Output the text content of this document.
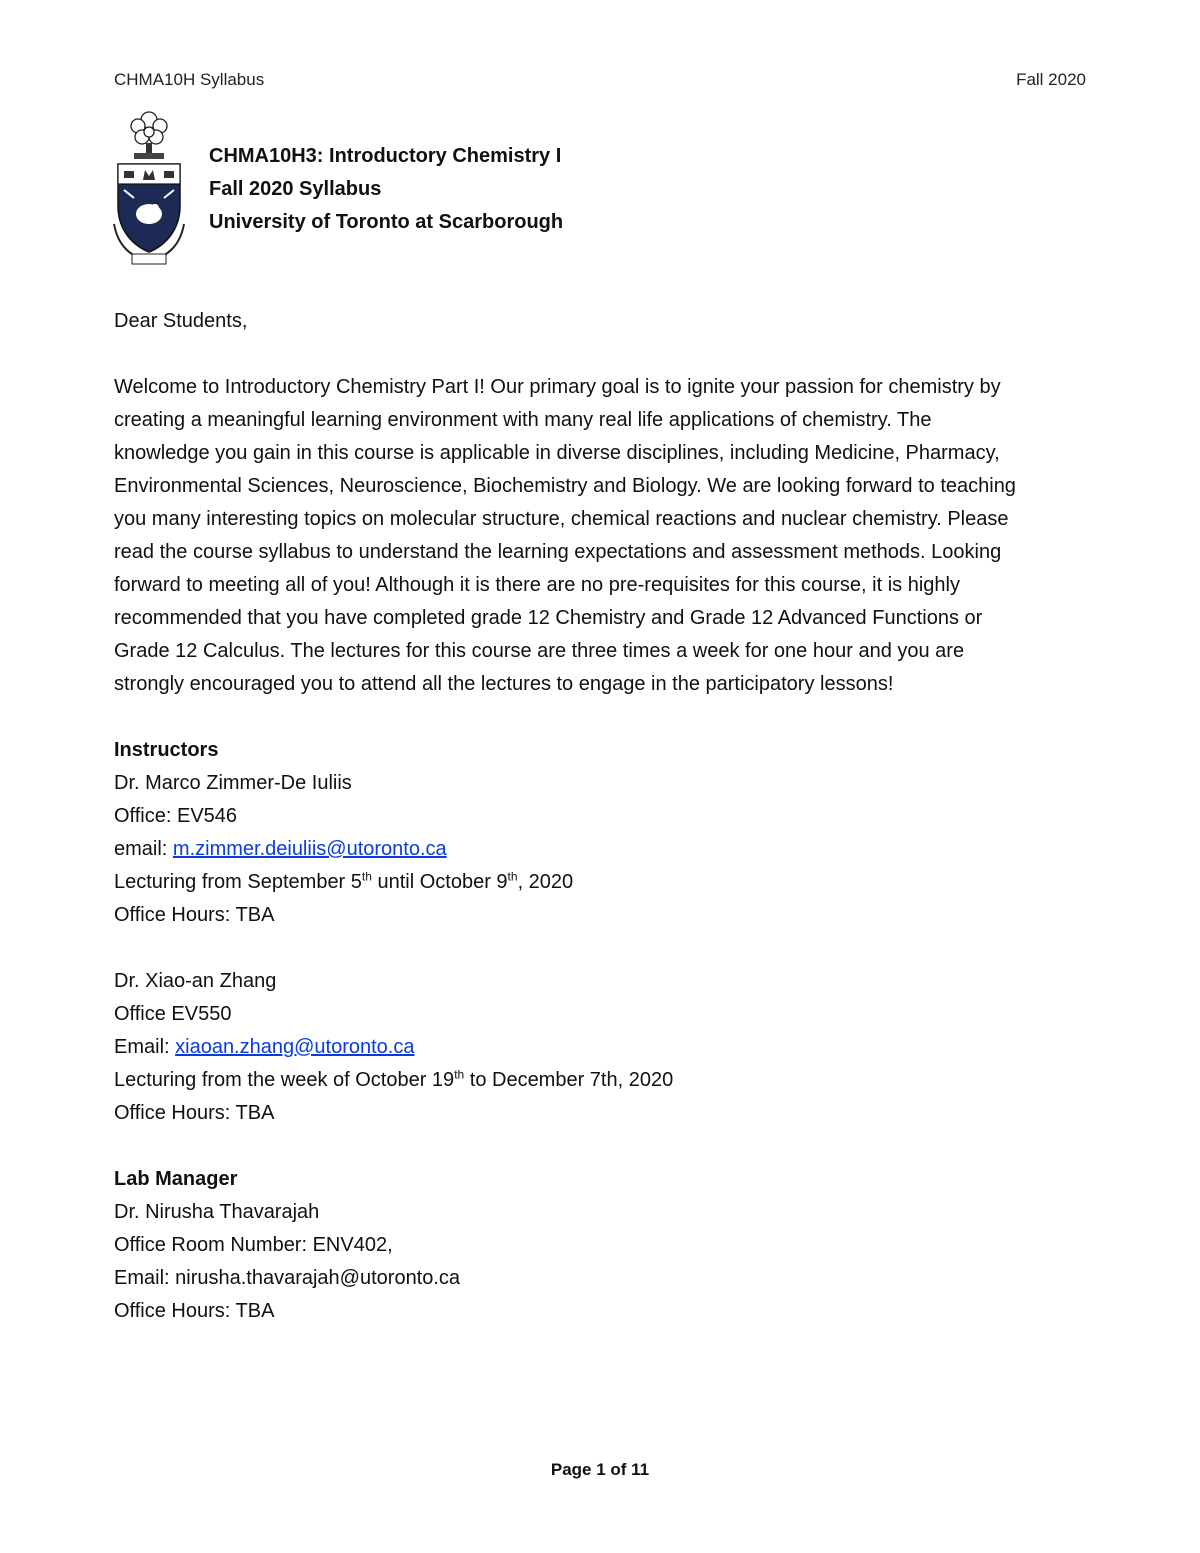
CHMA10H Syllabus	Fall 2020
CHMA10H3: Introductory Chemistry I
Fall 2020 Syllabus
University of Toronto at Scarborough

Dear Students,

Welcome to Introductory Chemistry Part I! Our primary goal is to ignite your passion for chemistry by

creating a meaningful learning environment with many real life applications of chemistry. The

knowledge you gain in this course is applicable in diverse disciplines, including Medicine, Pharmacy,

Environmental Sciences, Neuroscience, Biochemistry and Biology. We are looking forward to teaching

you many interesting topics on molecular structure, chemical reactions and nuclear chemistry. Please

read the course syllabus to understand the learning expectations and assessment methods. Looking

forward to meeting all of you! Although it is there are no pre-requisites for this course, it is highly

recommended that you have completed grade 12 Chemistry and Grade 12 Advanced Functions or

Grade 12 Calculus. The lectures for this course are three times a week for one hour and you are

strongly encouraged you to attend all the lectures to engage in the participatory lessons!

Instructors

Dr. Marco Zimmer-De Iuliis

Office: EV546

email: m.zimmer.deiuliis@utoronto.ca

Lecturing from September 5th until October 9th, 2020

Office Hours: TBA

Dr. Xiao-an Zhang

Office EV550

Email: xiaoan.zhang@utoronto.ca

Lecturing from the week of October 19th to December 7th, 2020

Office Hours: TBA

Lab Manager

Dr. Nirusha Thavarajah

Office Room Number: ENV402,

Email: nirusha.thavarajah@utoronto.ca

Office Hours: TBA

Page 1 of 11
